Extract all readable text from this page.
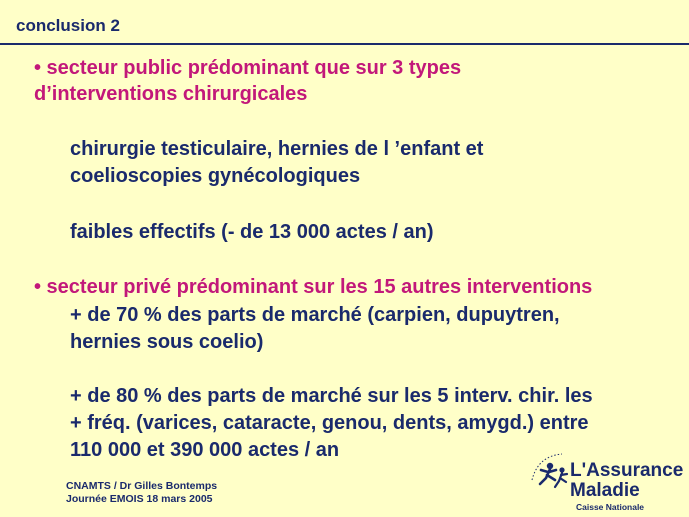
conclusion 2
• secteur public prédominant que sur 3 types
d’interventions chirurgicales
chirurgie testiculaire, hernies de l ’enfant et
coelioscopies gynécologiques
faibles effectifs (- de 13 000 actes / an)
• secteur privé prédominant sur les 15 autres interventions
+ de 70 % des parts de marché (carpien, dupuytren,
hernies sous coelio)
+ de 80 % des parts de marché sur les 5 interv. chir. les
+ fréq. (varices, cataracte, genou, dents, amygd.) entre
110 000 et 390 000 actes / an
CNAMTS / Dr Gilles Bontemps
Journée EMOIS 18 mars 2005
L'Assurance
Maladie
Caisse Nationale
